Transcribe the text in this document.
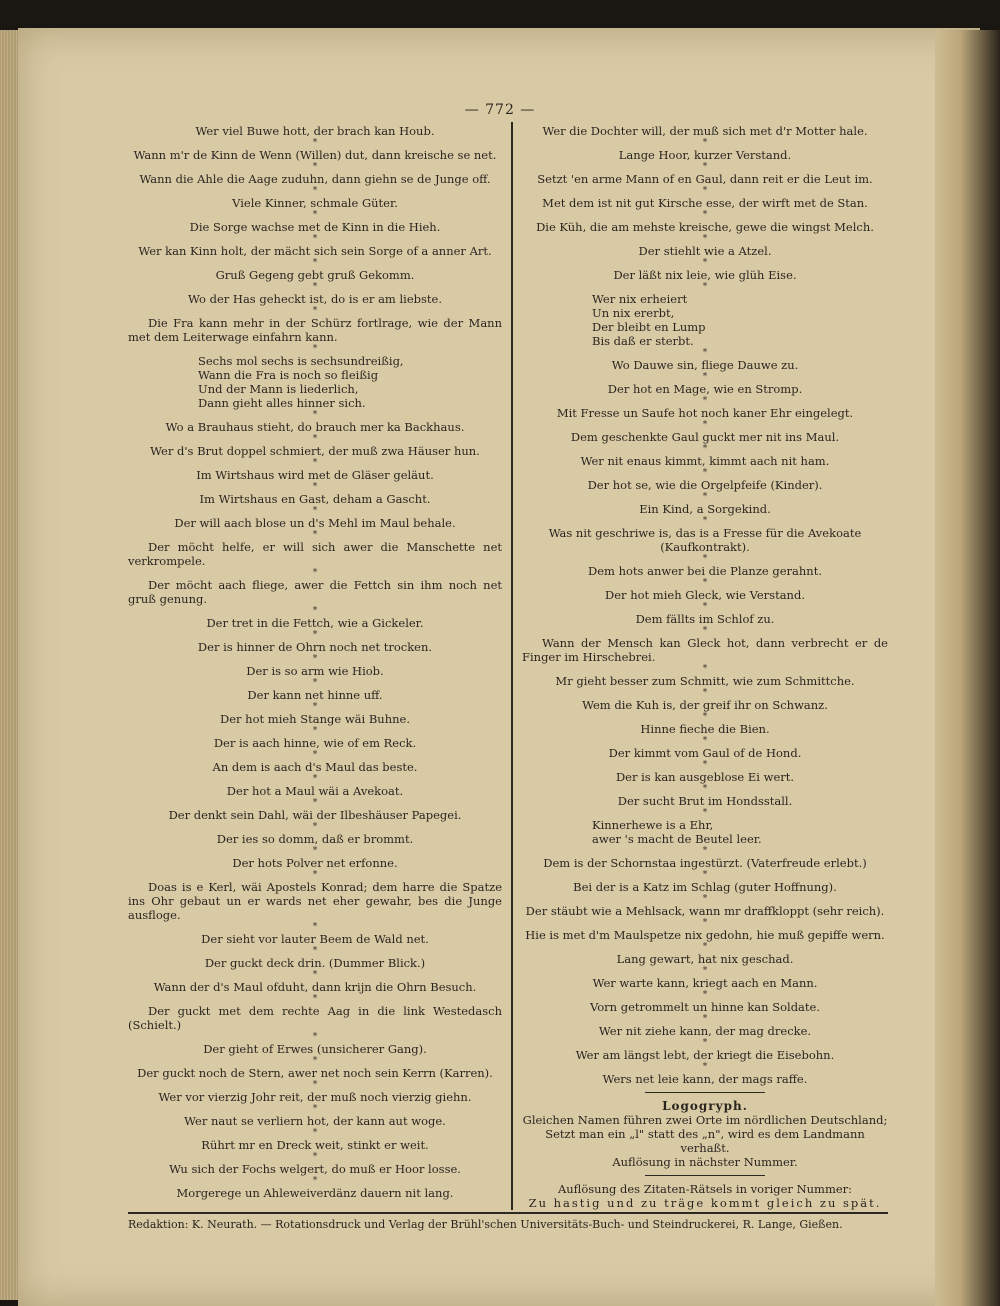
— 772 —
Wer viel Buwe hott, der brach kan Houb.
*
Wann m'r de Kinn de Wenn (Willen) dut, dann kreische se net.
*
Wann die Ahle die Aage zuduhn, dann giehn se de Junge off.
*
Viele Kinner, schmale Güter.
*
Die Sorge wachse met de Kinn in die Hieh.
*
Wer kan Kinn holt, der mächt sich sein Sorge of a anner Art.
*
Gruß Gegeng gebt gruß Gekomm.
*
Wo der Has geheckt ist, do is er am liebste.
*
Die Fra kann mehr in der Schürz fortlrage, wie der Mann met dem Leiterwage einfahrn kann.
*
Sechs mol sechs is sechsundreißig,
Wann die Fra is noch so fleißig
Und der Mann is liederlich,
Dann gieht alles hinner sich.
*
Wo a Brauhaus stieht, do brauch mer ka Backhaus.
*
Wer d's Brut doppel schmiert, der muß zwa Häuser hun.
*
Im Wirtshaus wird met de Gläser geläut.
*
Im Wirtshaus en Gast, deham a Gascht.
*
Der will aach blose un d's Mehl im Maul behale.
*
Der möcht helfe, er will sich awer die Manschette net verkrompele.
*
Der möcht aach fliege, awer die Fettch sin ihm noch net gruß genung.
*
Der tret in die Fettch, wie a Gickeler.
*
Der is hinner de Ohrn noch net trocken.
*
Der is so arm wie Hiob.
*
Der kann net hinne uff.
*
Der hot mieh Stange wäi Buhne.
*
Der is aach hinne, wie of em Reck.
*
An dem is aach d's Maul das beste.
*
Der hot a Maul wäi a Avekoat.
*
Der denkt sein Dahl, wäi der Ilbeshäuser Papegei.
*
Der ies so domm, daß er brommt.
*
Der hots Polver net erfonne.
*
Doas is e Kerl, wäi Apostels Konrad; dem harre die Spatze ins Ohr gebaut un er wards net eher gewahr, bes die Junge ausfloge.
*
Der sieht vor lauter Beem de Wald net.
*
Der guckt deck drin. (Dummer Blick.)
*
Wann der d's Maul ofduht, dann krijn die Ohrn Besuch.
*
Der guckt met dem rechte Aag in die link Westedasch (Schielt.)
*
Der gieht of Erwes (unsicherer Gang).
*
Der guckt noch de Stern, awer net noch sein Kerrn (Karren).
*
Wer vor vierzig Johr reit, der muß noch vierzig giehn.
*
Wer naut se verliern hot, der kann aut woge.
*
Rührt mr en Dreck weit, stinkt er weit.
*
Wu sich der Fochs welgert, do muß er Hoor losse.
*
Morgerege un Ahleweiverdänz dauern nit lang.
Wer die Dochter will, der muß sich met d'r Motter hale.
*
Lange Hoor, kurzer Verstand.
*
Setzt 'en arme Mann of en Gaul, dann reit er die Leut im.
*
Met dem ist nit gut Kirsche esse, der wirft met de Stan.
*
Die Küh, die am mehste kreische, gewe die wingst Melch.
*
Der stiehlt wie a Atzel.
*
Der läßt nix leie, wie glüh Eise.
*
Wer nix erheiert
Un nix ererbt,
Der bleibt en Lump
Bis daß er sterbt.
*
Wo Dauwe sin, fliege Dauwe zu.
*
Der hot en Mage, wie en Stromp.
*
Mit Fresse un Saufe hot noch kaner Ehr eingelegt.
*
Dem geschenkte Gaul guckt mer nit ins Maul.
*
Wer nit enaus kimmt, kimmt aach nit ham.
*
Der hot se, wie die Orgelpfeife (Kinder).
*
Ein Kind, a Sorgekind.
*
Was nit geschriwe is, das is a Fresse für die Avekoate (Kaufkontrakt).
*
Dem hots anwer bei die Planze gerahnt.
*
Der hot mieh Gleck, wie Verstand.
*
Dem fällts im Schlof zu.
*
Wann der Mensch kan Gleck hot, dann verbrecht er de Finger im Hirschebrei.
*
Mr gieht besser zum Schmitt, wie zum Schmittche.
*
Wem die Kuh is, der greif ihr on Schwanz.
*
Hinne fieche die Bien.
*
Der kimmt vom Gaul of de Hond.
*
Der is kan ausgeblose Ei wert.
*
Der sucht Brut im Hondsstall.
*
Kinnerhewe is a Ehr,
awer 's macht de Beutel leer.
*
Dem is der Schornstaa ingestürzt. (Vaterfreude erlebt.)
*
Bei der is a Katz im Schlag (guter Hoffnung).
*
Der stäubt wie a Mehlsack, wann mr draffkloppt (sehr reich).
*
Hie is met d'm Maulspetze nix gedohn, hie muß gepiffe wern.
*
Lang gewart, hat nix geschad.
*
Wer warte kann, kriegt aach en Mann.
*
Vorn getrommelt un hinne kan Soldate.
*
Wer nit ziehe kann, der mag drecke.
*
Wer am längst lebt, der kriegt die Eisebohn.
*
Wers net leie kann, der mags raffe.
Logogryph.
Gleichen Namen führen zwei Orte im nördlichen Deutschland;
Setzt man ein „l" statt des „n", wird es dem Landmann verhaßt.
Auflösung in nächster Nummer.
Auflösung des Zitaten-Rätsels in voriger Nummer:
Zu hastig und zu träge kommt gleich zu spät.
Redaktion: K. Neurath. — Rotationsdruck und Verlag der Brühl'schen Universitäts-Buch- und Steindruckerei, R. Lange, Gießen.
